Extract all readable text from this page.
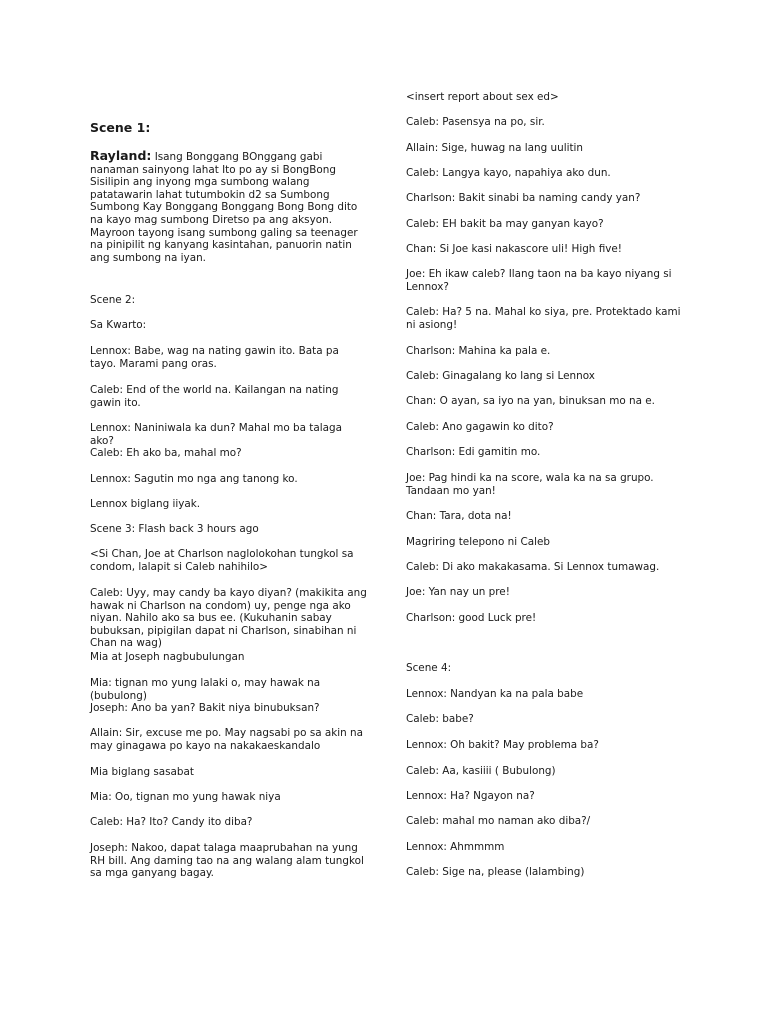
Scene 1:

Rayland: Isang Bonggang BOnggang gabi nanaman sainyong lahat Ito po ay si BongBong Sisilipin ang inyong mga sumbong walang patatawarin lahat tutumbokin d2 sa Sumbong Sumbong Kay Bonggang Bonggang Bong Bong dito na kayo mag sumbong Diretso pa ang aksyon. Mayroon tayong isang sumbong galing sa teenager na pinipilit ng kanyang kasintahan, panuorin natin ang sumbong na iyan.

Scene 2:

Sa Kwarto:

Lennox: Babe, wag na nating gawin ito. Bata pa tayo. Marami pang oras.

Caleb: End of the world na. Kailangan na nating gawin ito.

Lennox: Naniniwala ka dun? Mahal mo ba talaga ako?

Caleb: Eh ako ba, mahal mo?

Lennox: Sagutin mo nga ang tanong ko.

Lennox biglang iiyak.

Scene 3: Flash back 3 hours ago

<Si Chan, Joe at Charlson naglolokohan tungkol sa condom, lalapit si Caleb nahihilo>

Caleb: Uyy, may candy ba kayo diyan? (makikita ang hawak ni Charlson na condom) uy, penge nga ako niyan. Nahilo ako sa bus ee. (Kukuhanin sabay bubuksan, pipigilan dapat ni Charlson, sinabihan ni Chan na wag)

Mia at Joseph nagbubulungan

Mia: tignan mo yung lalaki o, may hawak na (bubulong)

Joseph: Ano ba yan? Bakit niya binubuksan?

Allain: Sir, excuse me po. May nagsabi po sa akin na may ginagawa po kayo na nakakaeskandalo

Mia biglang sasabat

Mia: Oo, tignan mo yung hawak niya

Caleb: Ha? Ito? Candy ito diba?

Joseph: Nakoo, dapat talaga maaprubahan na yung RH bill. Ang daming tao na ang walang alam tungkol sa mga ganyang bagay.

<insert report about sex ed>

Caleb: Pasensya na po, sir.

Allain: Sige, huwag na lang uulitin

Caleb: Langya kayo, napahiya ako dun.

Charlson: Bakit sinabi ba naming candy yan?

Caleb: EH bakit ba may ganyan kayo?

Chan: Si Joe kasi nakascore uli! High five!

Joe: Eh ikaw caleb? Ilang taon na ba kayo niyang si Lennox?

Caleb: Ha? 5 na. Mahal ko siya, pre. Protektado kami ni asiong!

Charlson: Mahina ka pala e.

Caleb: Ginagalang ko lang si Lennox

Chan: O ayan, sa iyo na yan, binuksan mo na e.

Caleb: Ano gagawin ko dito?

Charlson: Edi gamitin mo.

Joe: Pag hindi ka na score, wala ka na sa grupo. Tandaan mo yan!

Chan: Tara, dota na!

Magriring telepono ni Caleb

Caleb: Di ako makakasama. Si Lennox tumawag.

Joe: Yan nay un pre!

Charlson: good Luck pre!

Scene 4:

Lennox: Nandyan ka na pala babe

Caleb: babe?

Lennox: Oh bakit? May problema ba?

Caleb: Aa, kasiiii ( Bubulong)

Lennox: Ha? Ngayon na?

Caleb: mahal mo naman ako diba?/

Lennox: Ahmmmm

Caleb: Sige na, please (lalambing)
